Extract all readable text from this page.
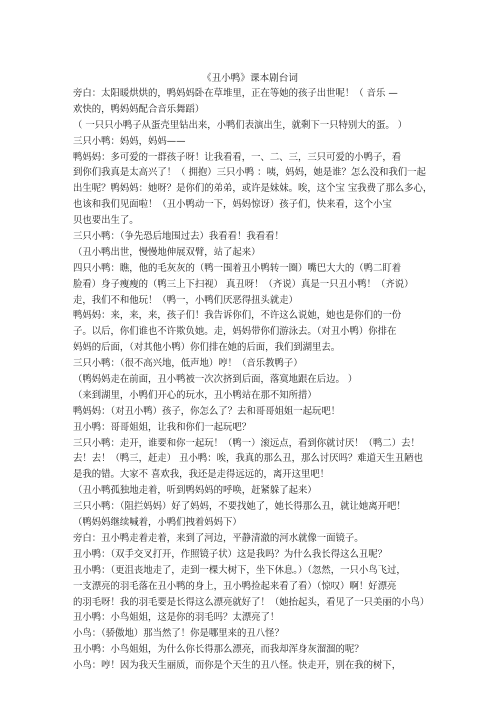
《丑小鸭》课本剧台词
旁白：太阳暖烘烘的，鸭妈妈卧在草堆里，正在等她的孩子出世呢！（ 音乐 —
欢快的，鸭妈妈配合音乐舞蹈）
（ 一只只小鸭子从蛋壳里钻出来，小鸭们表演出生，就剩下一只特别大的蛋。 ）
三只小鸭：妈妈，妈妈——
鸭妈妈：多可爱的一群孩子呀！让我看看，一、二、三，三只可爱的小鸭子，看
到你们我真是太高兴了！（ 拥抱）三只小鸭 ：咦，妈妈，她是谁？怎么没和我们一起
出生呢？鸭妈妈：她呀？是你们的弟弟，或许是妹妹。唉，这个宝 宝我费了那么多心，
也该和我们见面啦！（丑小鸭动一下，妈妈惊讶）孩子们，快来看，这个小宝
贝也要出生了。
三只小鸭：（争先恐后地围过去）我看看！我看看！
（丑小鸭出世，慢慢地伸展双臂，站了起来）
四只小鸭：瞧，他的毛灰灰的（鸭一围着丑小鸭转一圈）嘴巴大大的（鸭二盯着
脸看）身子瘦瘦的（鸭三上下扫视） 真丑呀！（齐说）真是一只丑小鸭！（齐说）
走，我们不和他玩！（鸭一，小鸭们厌恶得扭头就走）
鸭妈妈：来，来，来，孩子们！我告诉你们，不许这么说她，她也是你们的一份
子。以后，你们谁也不许欺负她。走，妈妈带你们游泳去。（对丑小鸭）你排在
妈妈的后面，（对其他小鸭）你们排在她的后面，我们到湖里去。
三只小鸭：（很不高兴地，低声地）哼！（音乐教鸭子）
（鸭妈妈走在前面，丑小鸭被一次次挤到后面，落寞地跟在后边。 ）
（来到湖里，小鸭们开心的玩水，丑小鸭站在那不知所措）
鸭妈妈：（对丑小鸭）孩子，你怎么了？去和哥哥姐姐一起玩吧！
丑小鸭：哥哥姐姐，让我和你们一起玩吧？
三只小鸭：走开，谁要和你一起玩！（鸭一）滚远点，看到你就讨厌！（鸭二）去！
去！去！（鸭三，赶走） 丑小鸭：唉，我真的那么丑，那么讨厌吗？难道天生丑陋也
是我的错。大家不 喜欢我，我还是走得远远的，离开这里吧！
（丑小鸭孤独地走着，听到鸭妈妈的呼唤，赶紧躲了起来）
三只小鸭：（阻拦妈妈）好了妈妈，不要找她了，她长得那么丑，就让她离开吧！
（鸭妈妈继续喊着，小鸭们拽着妈妈下）
旁白：丑小鸭走着走着，来到了河边，平静清澈的河水就像一面镜子。
丑小鸭：（双手交叉打开，作照镜子状）这是我吗？为什么我长得这么丑呢？
丑小鸭：（更沮丧地走了，走到一棵大树下，坐下休息。）（忽然，一只小鸟飞过，
一支漂亮的羽毛落在丑小鸭的身上，丑小鸭捡起来看了看）（惊叹）啊！好漂亮
的羽毛呀！我的羽毛要是长得这么漂亮就好了！（她抬起头，看见了一只美丽的小鸟）
丑小鸭：小鸟姐姐，这是你的羽毛吗？太漂亮了！
小鸟：（骄傲地）那当然了！你是哪里来的丑八怪？
丑小鸭：小鸟姐姐，为什么你长得那么漂亮，而我却浑身灰溜溜的呢？
小鸟：哼！因为我天生丽质，而你是个天生的丑八怪。快走开，别在我的树下，
